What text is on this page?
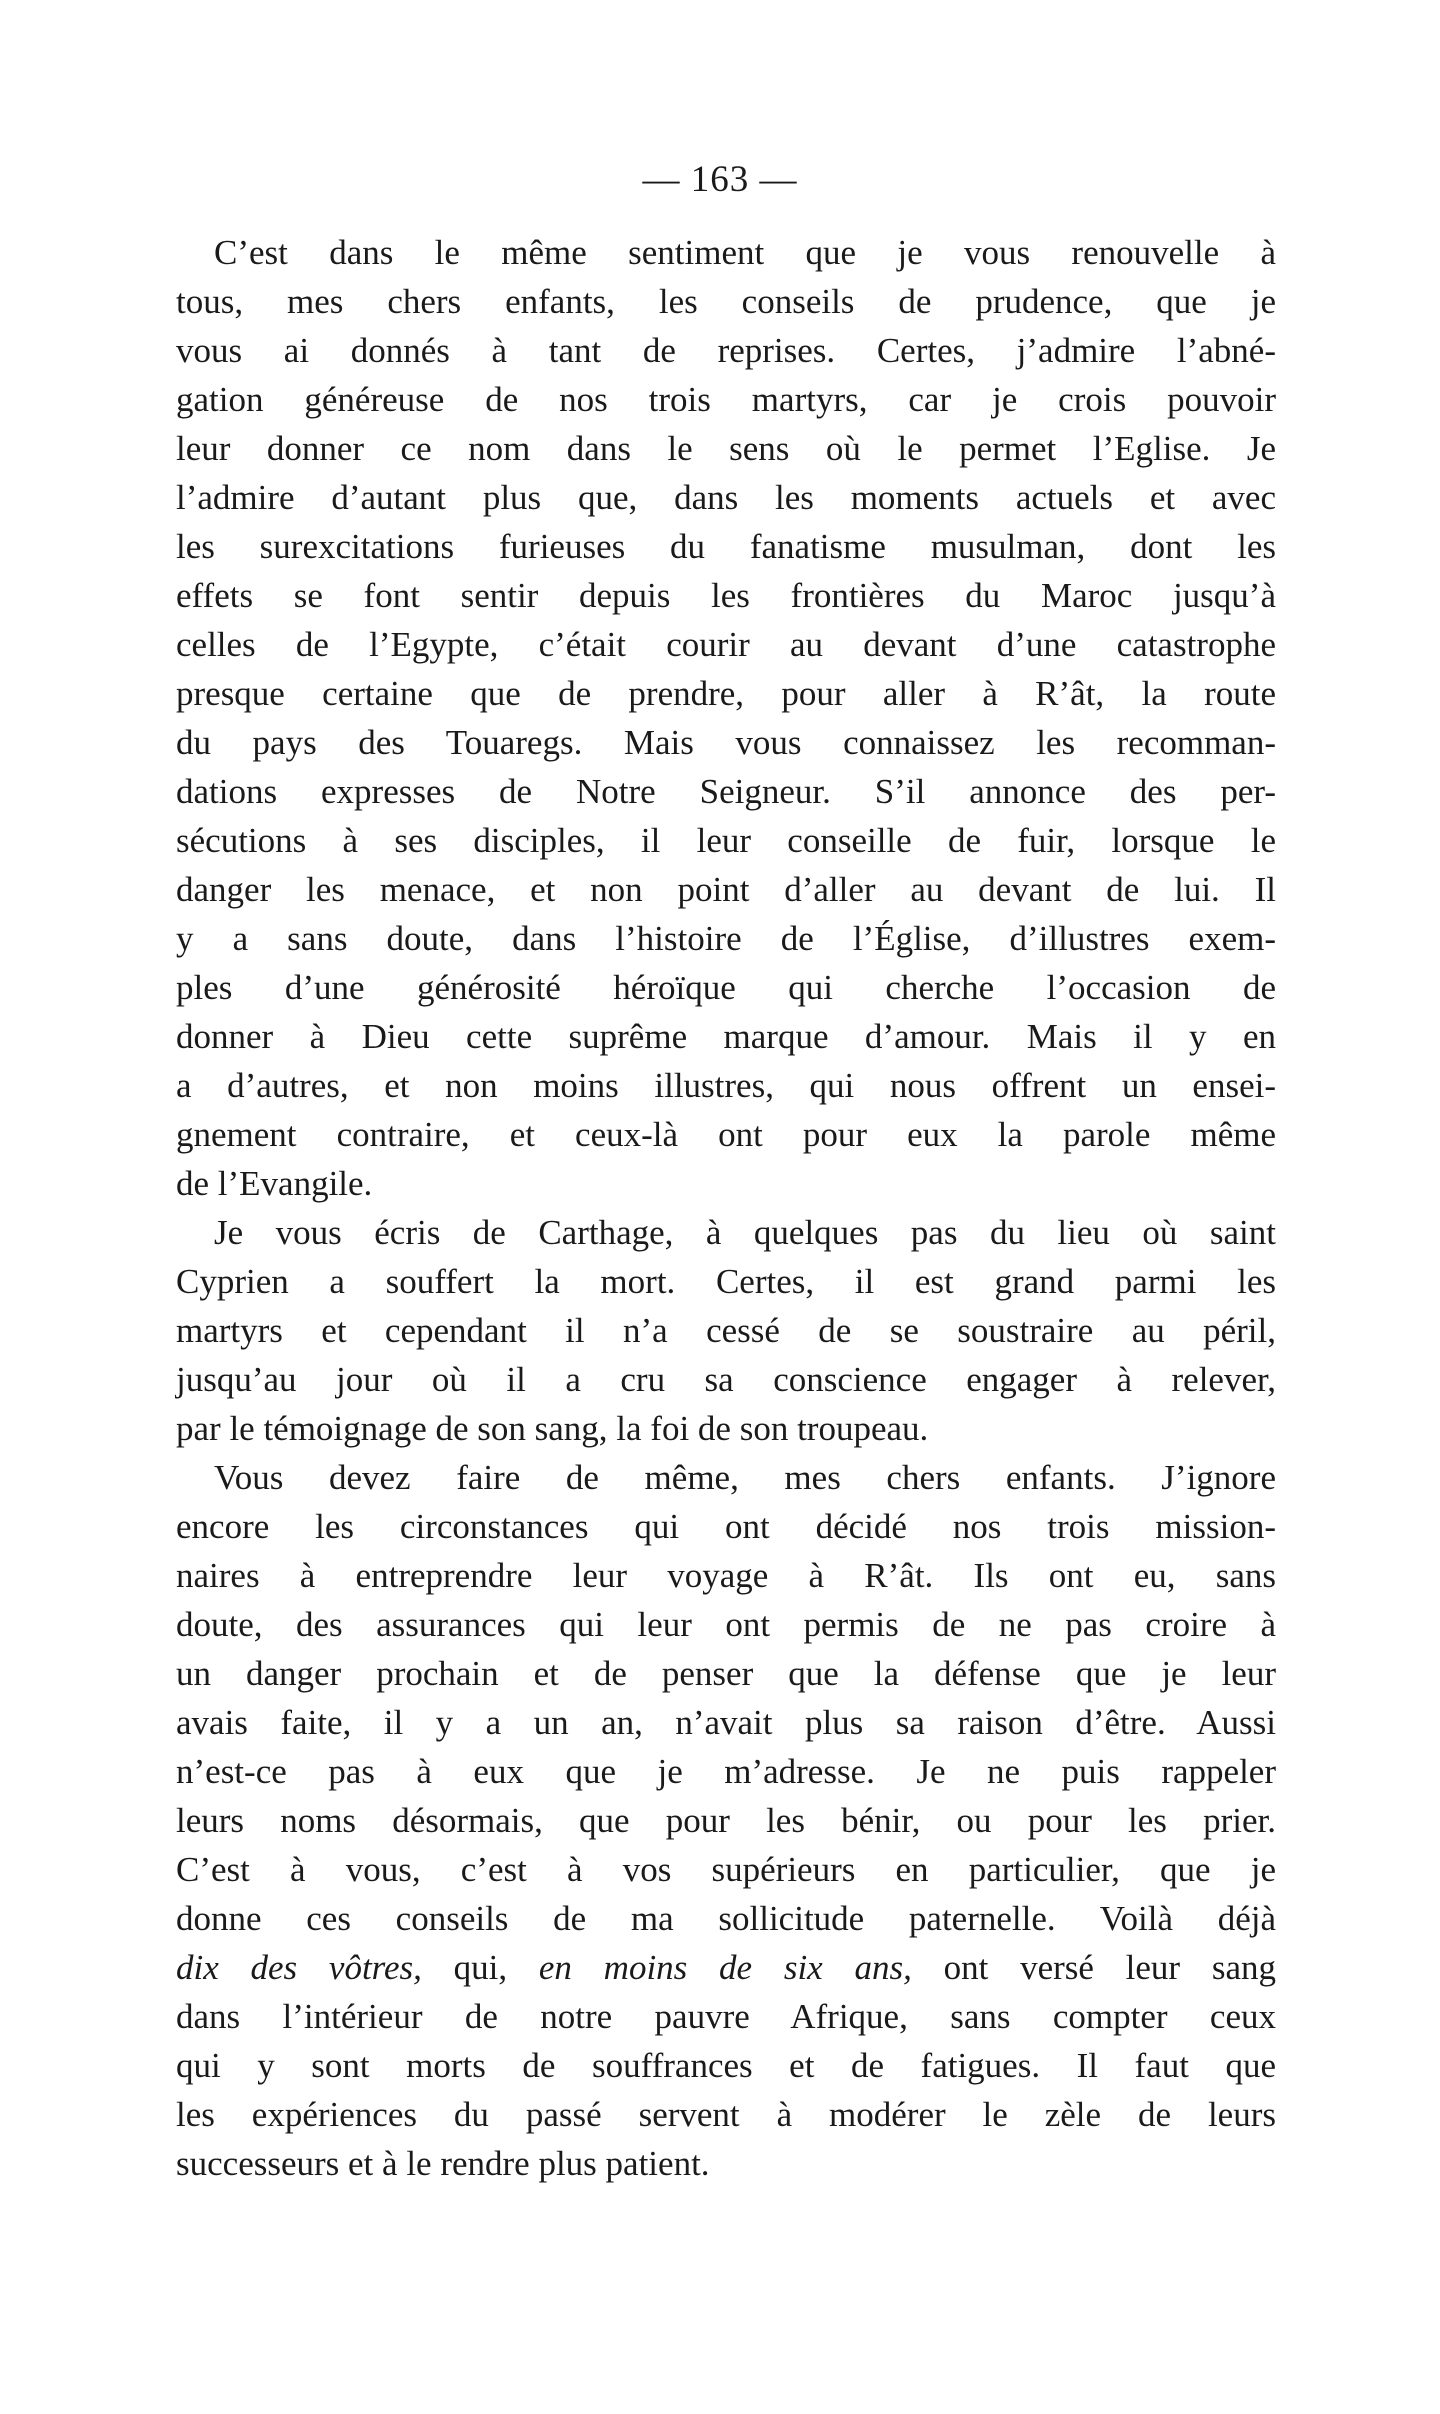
— 163 —
C’est dans le même sentiment que je vous renouvelle à
tous, mes chers enfants, les conseils de prudence, que je
vous ai donnés à tant de reprises. Certes, j’admire l’abné-
gation généreuse de nos trois martyrs, car je crois pouvoir
leur donner ce nom dans le sens où le permet l’Eglise. Je
l’admire d’autant plus que, dans les moments actuels et avec
les surexcitations furieuses du fanatisme musulman, dont les
effets se font sentir depuis les frontières du Maroc jusqu’à
celles de l’Egypte, c’était courir au devant d’une catastrophe
presque certaine que de prendre, pour aller à R’ât, la route
du pays des Touaregs. Mais vous connaissez les recomman-
dations expresses de Notre Seigneur. S’il annonce des per-
sécutions à ses disciples, il leur conseille de fuir, lorsque le
danger les menace, et non point d’aller au devant de lui. Il
y a sans doute, dans l’histoire de l’Église, d’illustres exem-
ples d’une générosité héroïque qui cherche l’occasion de
donner à Dieu cette suprême marque d’amour. Mais il y en
a d’autres, et non moins illustres, qui nous offrent un ensei-
gnement contraire, et ceux-là ont pour eux la parole même
de l’Evangile.
Je vous écris de Carthage, à quelques pas du lieu où saint
Cyprien a souffert la mort. Certes, il est grand parmi les
martyrs et cependant il n’a cessé de se soustraire au péril,
jusqu’au jour où il a cru sa conscience engager à relever,
par le témoignage de son sang, la foi de son troupeau.
Vous devez faire de même, mes chers enfants. J’ignore
encore les circonstances qui ont décidé nos trois mission-
naires à entreprendre leur voyage à R’ât. Ils ont eu, sans
doute, des assurances qui leur ont permis de ne pas croire à
un danger prochain et de penser que la défense que je leur
avais faite, il y a un an, n’avait plus sa raison d’être. Aussi
n’est-ce pas à eux que je m’adresse. Je ne puis rappeler
leurs noms désormais, que pour les bénir, ou pour les prier.
C’est à vous, c’est à vos supérieurs en particulier, que je
donne ces conseils de ma sollicitude paternelle. Voilà déjà
dix des vôtres, qui, en moins de six ans, ont versé leur sang
dans l’intérieur de notre pauvre Afrique, sans compter ceux
qui y sont morts de souffrances et de fatigues. Il faut que
les expériences du passé servent à modérer le zèle de leurs
successeurs et à le rendre plus patient.
